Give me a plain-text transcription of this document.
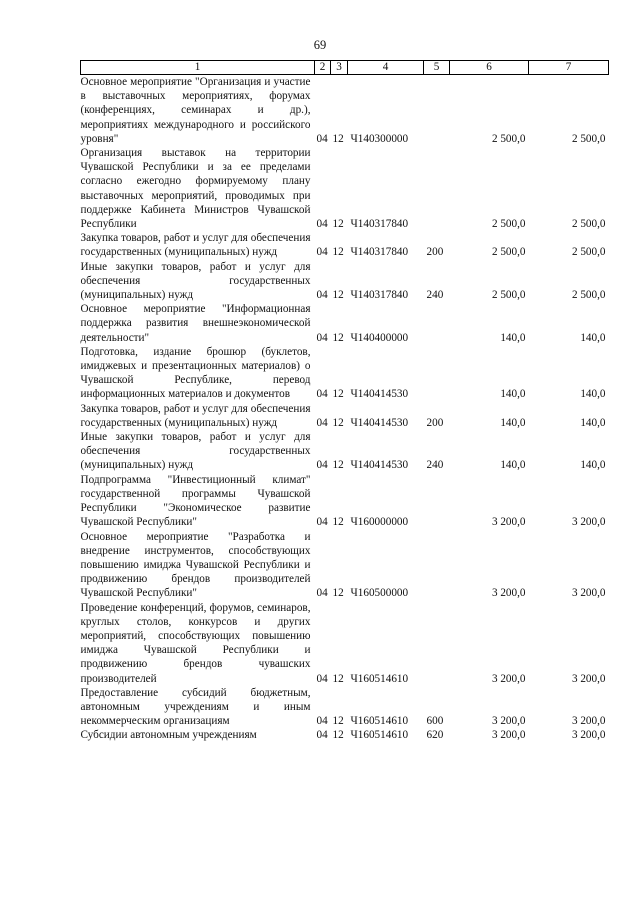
69
1	2	3	4	5	6	7
Основное мероприятие "Организация и участие в выставочных мероприятиях, форумах (конференциях, семинарах и др.), мероприятиях международного и российского уровня"	04	12	Ч140300000		2 500,0	2 500,0
Организация выставок на территории Чувашской Республики и за ее пределами согласно ежегодно формируемому плану выставочных мероприятий, проводимых при поддержке Кабинета Министров Чувашской Республики	04	12	Ч140317840		2 500,0	2 500,0
Закупка товаров, работ и услуг для обеспечения государственных (муниципальных) нужд	04	12	Ч140317840	200	2 500,0	2 500,0
Иные закупки товаров, работ и услуг для обеспечения государственных (муниципальных) нужд	04	12	Ч140317840	240	2 500,0	2 500,0
Основное мероприятие "Информационная поддержка развития внешнеэкономической деятельности"	04	12	Ч140400000		140,0	140,0
Подготовка, издание брошюр (буклетов, имиджевых и презентационных материалов) о Чувашской Республике, перевод информационных материалов и документов	04	12	Ч140414530		140,0	140,0
Закупка товаров, работ и услуг для обеспечения государственных (муниципальных) нужд	04	12	Ч140414530	200	140,0	140,0
Иные закупки товаров, работ и услуг для обеспечения государственных (муниципальных) нужд	04	12	Ч140414530	240	140,0	140,0
Подпрограмма "Инвестиционный климат" государственной программы Чувашской Республики "Экономическое развитие Чувашской Республики"	04	12	Ч160000000		3 200,0	3 200,0
Основное мероприятие "Разработка и внедрение инструментов, способствующих повышению имиджа Чувашской Республики и продвижению брендов производителей Чувашской Республики"	04	12	Ч160500000		3 200,0	3 200,0
Проведение конференций, форумов, семинаров, круглых столов, конкурсов и других мероприятий, способствующих повышению имиджа Чувашской Республики и продвижению брендов чувашских производителей	04	12	Ч160514610		3 200,0	3 200,0
Предоставление субсидий бюджетным, автономным учреждениям и иным некоммерческим организациям	04	12	Ч160514610	600	3 200,0	3 200,0
Субсидии автономным учреждениям	04	12	Ч160514610	620	3 200,0	3 200,0
